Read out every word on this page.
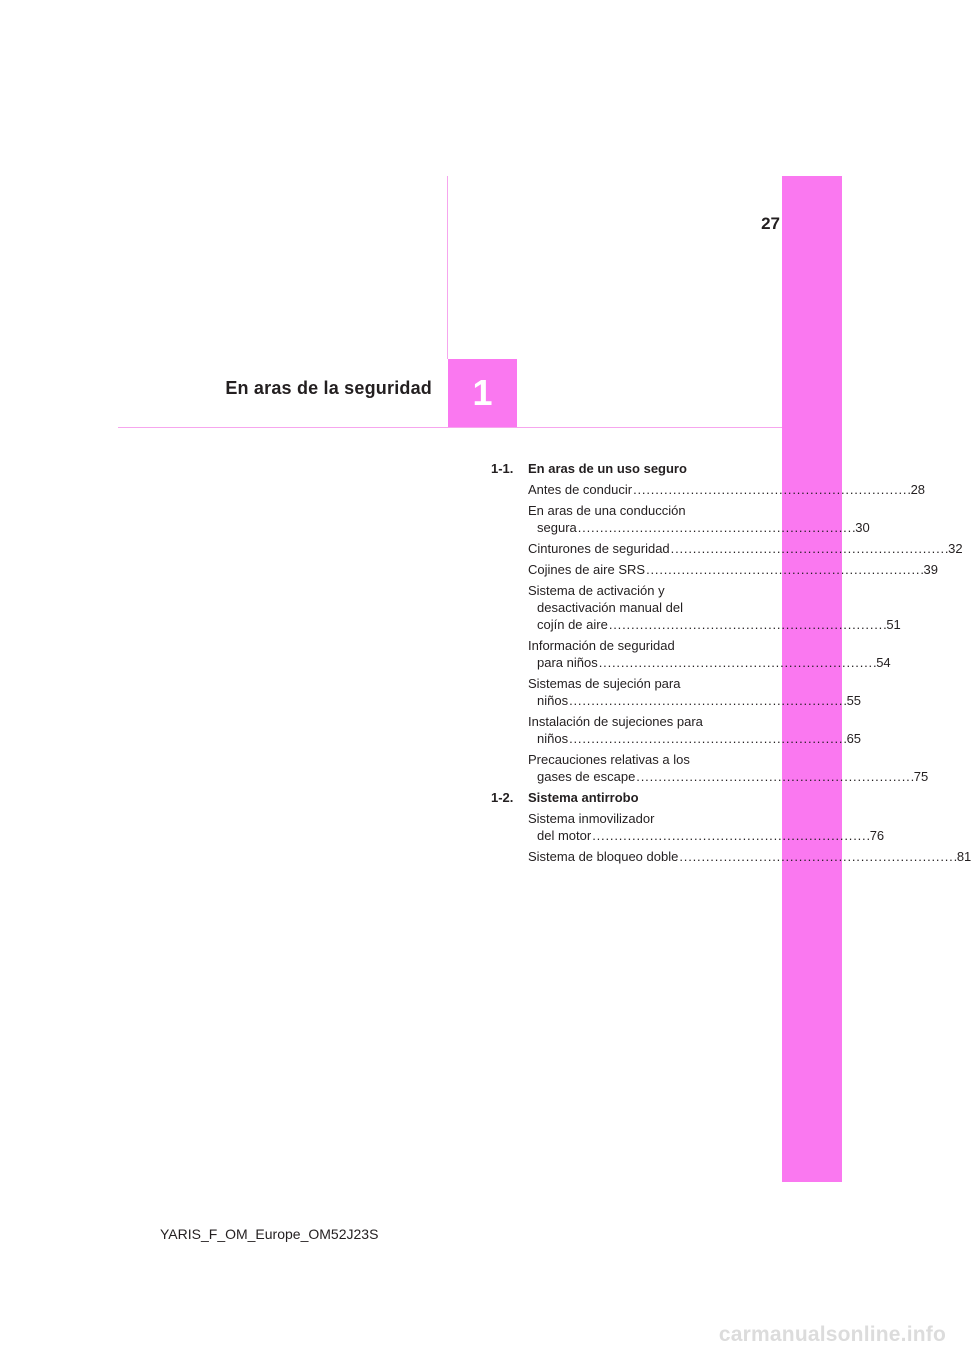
27
En aras de la seguridad 1
1-1.	En aras de un uso seguro
Antes de conducir . . .	28
En aras de una conducción
segura . . .	30
Cinturones de seguridad . . .	32
Cojines de aire SRS . . .	39
Sistema de activación y
desactivación manual del
cojín de aire . . .	51
Información de seguridad
para niños . . .	54
Sistemas de sujeción para
niños . . .	55
Instalación de sujeciones para
niños . . .	65
Precauciones relativas a los
gases de escape . . .	75
1-2.	Sistema antirrobo
Sistema inmovilizador
del motor . . .	76
Sistema de bloqueo doble . . .	81
YARIS_F_OM_Europe_OM52J23S
carmanualsonline.info
